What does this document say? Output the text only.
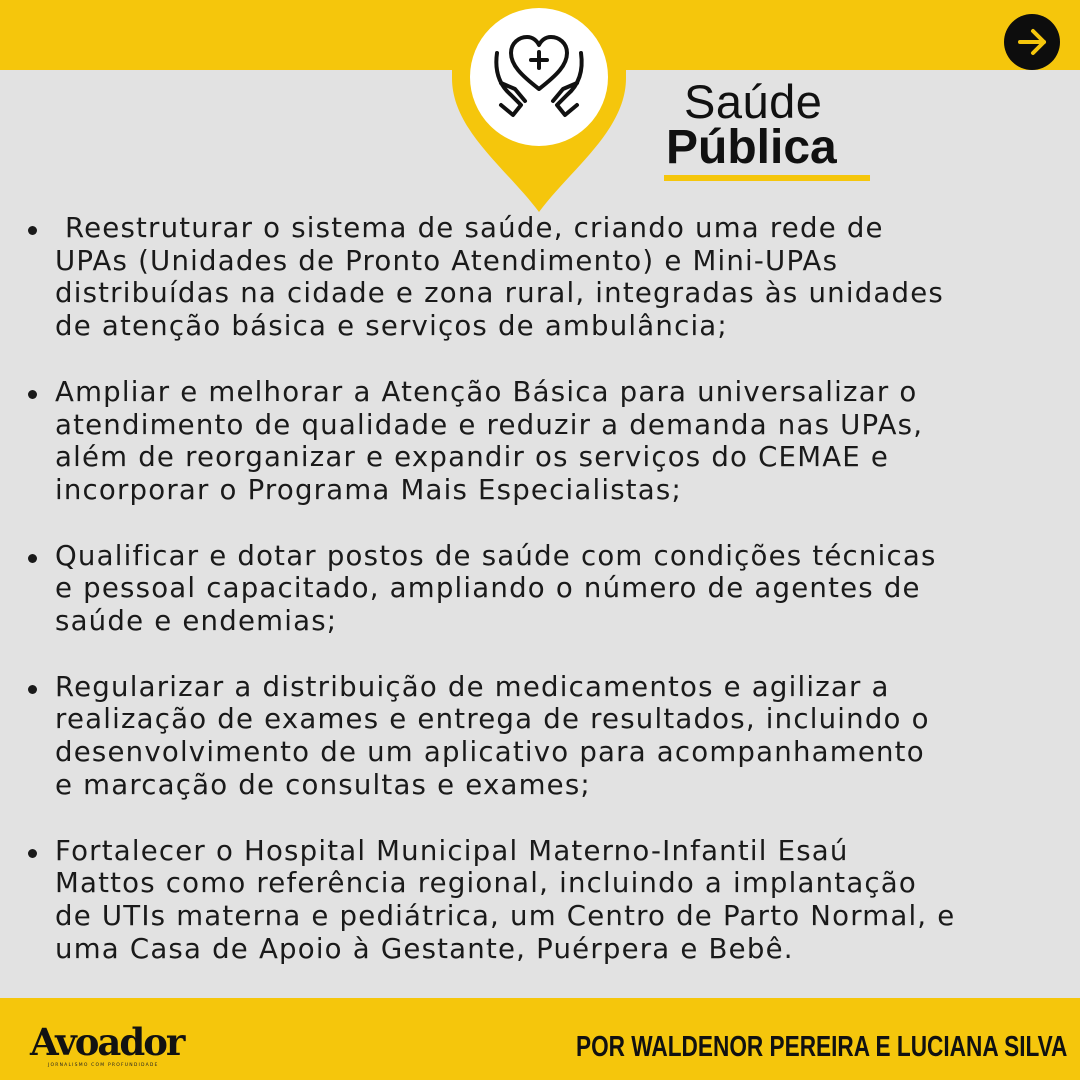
Saúde
Pública
Reestruturar o sistema de saúde, criando uma rede de
UPAs (Unidades de Pronto Atendimento) e Mini-UPAs
distribuídas na cidade e zona rural, integradas às unidades
de atenção básica e serviços de ambulância;
Ampliar e melhorar a Atenção Básica para universalizar o
atendimento de qualidade e reduzir a demanda nas UPAs,
além de reorganizar e expandir os serviços do CEMAE e
incorporar o Programa Mais Especialistas;
Qualificar e dotar postos de saúde com condições técnicas
e pessoal capacitado, ampliando o número de agentes de
saúde e endemias;
Regularizar a distribuição de medicamentos e agilizar a
realização de exames e entrega de resultados, incluindo o
desenvolvimento de um aplicativo para acompanhamento
e marcação de consultas e exames;
Fortalecer o Hospital Municipal Materno-Infantil Esaú
Mattos como referência regional, incluindo a implantação
de UTIs materna e pediátrica, um Centro de Parto Normal, e
uma Casa de Apoio à Gestante, Puérpera e Bebê.
Avoador
JORNALISMO COM PROFUNDIDADE
POR WALDENOR PEREIRA E LUCIANA SILVA
